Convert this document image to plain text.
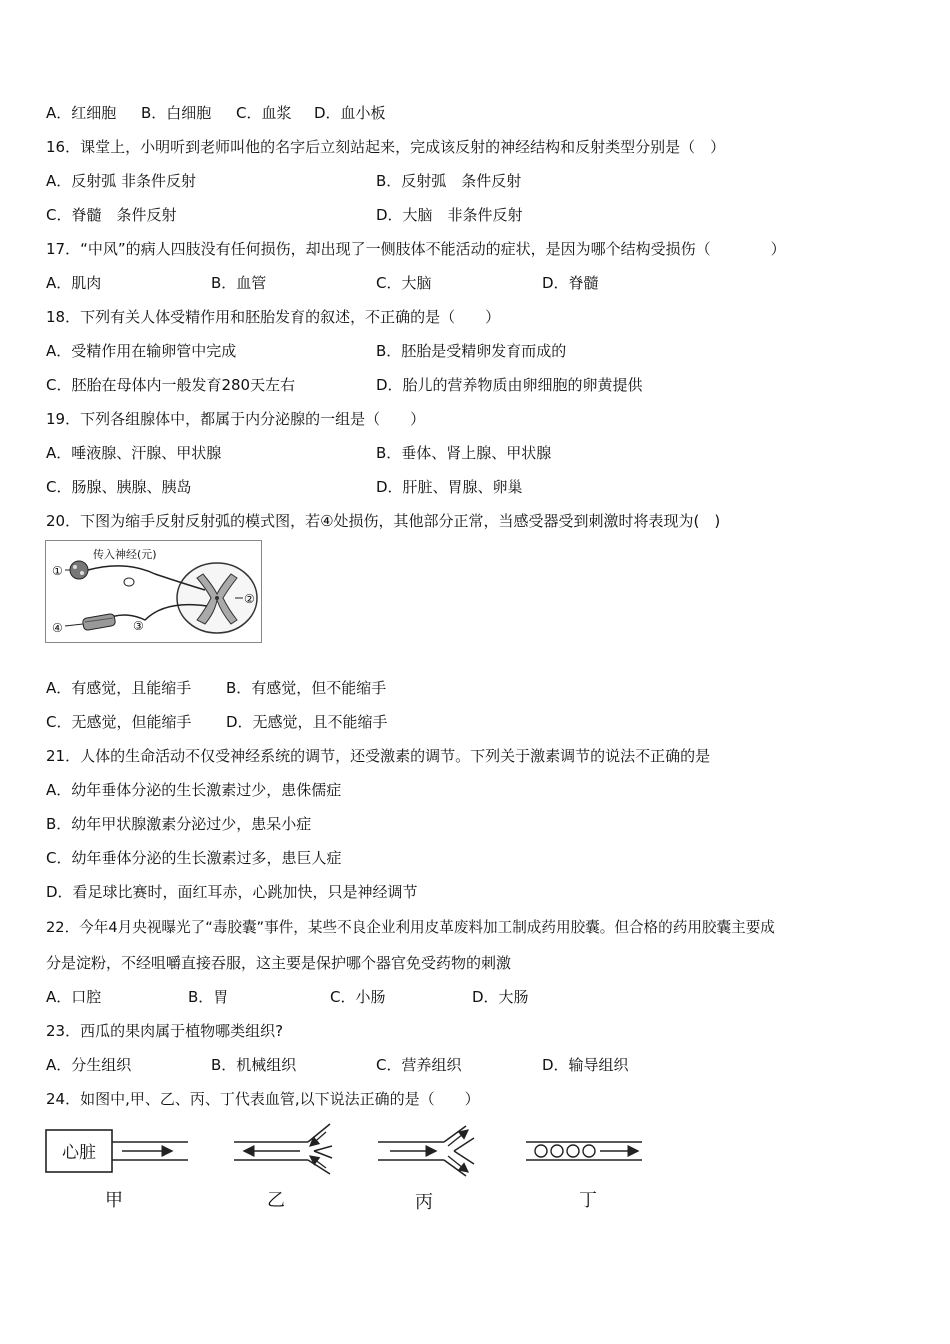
A．红细胞 B．白细胞 C．血浆 D．血小板
16．课堂上，小明听到老师叫他的名字后立刻站起来，完成该反射的神经结构和反射类型分别是（　）
A．反射弧 非条件反射	B．反射弧　条件反射
C．脊髓　条件反射	D．大脑　非条件反射
17．“中风”的病人四肢没有任何损伤，却出现了一侧肢体不能活动的症状，是因为哪个结构受损伤（　　　　）
A．肌肉	B．血管	C．大脑	D．脊髓
18．下列有关人体受精作用和胚胎发育的叙述，不正确的是（　　）
A．受精作用在输卵管中完成	B．胚胎是受精卵发育而成的
C．胚胎在母体内一般发育280天左右	D．胎儿的营养物质由卵细胞的卵黄提供
19．下列各组腺体中，都属于内分泌腺的一组是（　　）
A．唾液腺、汗腺、甲状腺	B．垂体、肾上腺、甲状腺
C．肠腺、胰腺、胰岛	D．肝脏、胃腺、卵巢
20．下图为缩手反射反射弧的模式图，若④处损伤，其他部分正常，当感受器受到刺激时将表现为(　)
传入神经(元)
①
②
③
④
A．有感觉，且能缩手 B．有感觉，但不能缩手
C．无感觉，但能缩手 D．无感觉，且不能缩手
21．人体的生命活动不仅受神经系统的调节，还受激素的调节。下列关于激素调节的说法不正确的是
A．幼年垂体分泌的生长激素过少，患侏儒症
B．幼年甲状腺激素分泌过少，患呆小症
C．幼年垂体分泌的生长激素过多，患巨人症
D．看足球比赛时，面红耳赤，心跳加快，只是神经调节
22．今年4月央视曝光了“毒胶囊”事件，某些不良企业利用皮革废料加工制成药用胶囊。但合格的药用胶囊主要成
分是淀粉，不经咀嚼直接吞服，这主要是保护哪个器官免受药物的刺激
A．口腔	B．胃	C．小肠	D．大肠
23．西瓜的果肉属于植物哪类组织?
A．分生组织	B．机械组织	C．营养组织	D．输导组织
24．如图中,甲、乙、丙、丁代表血管,以下说法正确的是（　　）
心脏
甲	乙	丙	丁
